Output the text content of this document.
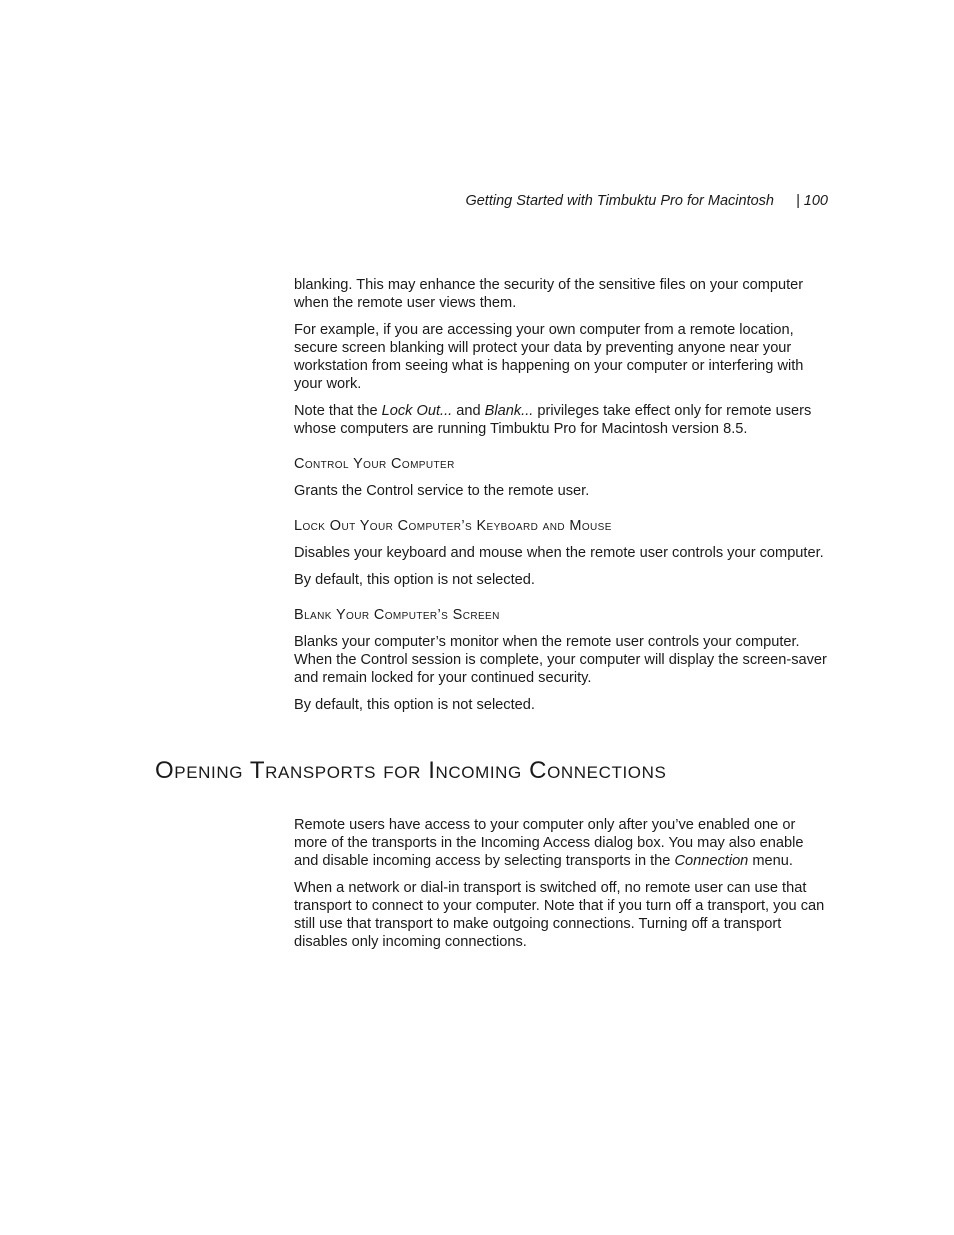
Getting Started with Timbuktu Pro for Macintosh | 100

blanking. This may enhance the security of the sensitive files on your computer when the remote user views them.

For example, if you are accessing your own computer from a remote location, secure screen blanking will protect your data by preventing anyone near your workstation from seeing what is happening on your computer or interfering with your work.

Note that the Lock Out... and Blank... privileges take effect only for remote users whose computers are running Timbuktu Pro for Macintosh version 8.5.

Control Your Computer

Grants the Control service to the remote user.

Lock Out Your Computer’s Keyboard and Mouse

Disables your keyboard and mouse when the remote user controls your computer.

By default, this option is not selected.

Blank Your Computer’s Screen

Blanks your computer’s monitor when the remote user controls your computer. When the Control session is complete, your computer will display the screen-saver and remain locked for your continued security.

By default, this option is not selected.

Opening Transports for Incoming Connections

Remote users have access to your computer only after you’ve enabled one or more of the transports in the Incoming Access dialog box. You may also enable and disable incoming access by selecting transports in the Connection menu.

When a network or dial-in transport is switched off, no remote user can use that transport to connect to your computer. Note that if you turn off a transport, you can still use that transport to make outgoing connections. Turning off a transport disables only incoming connections.
